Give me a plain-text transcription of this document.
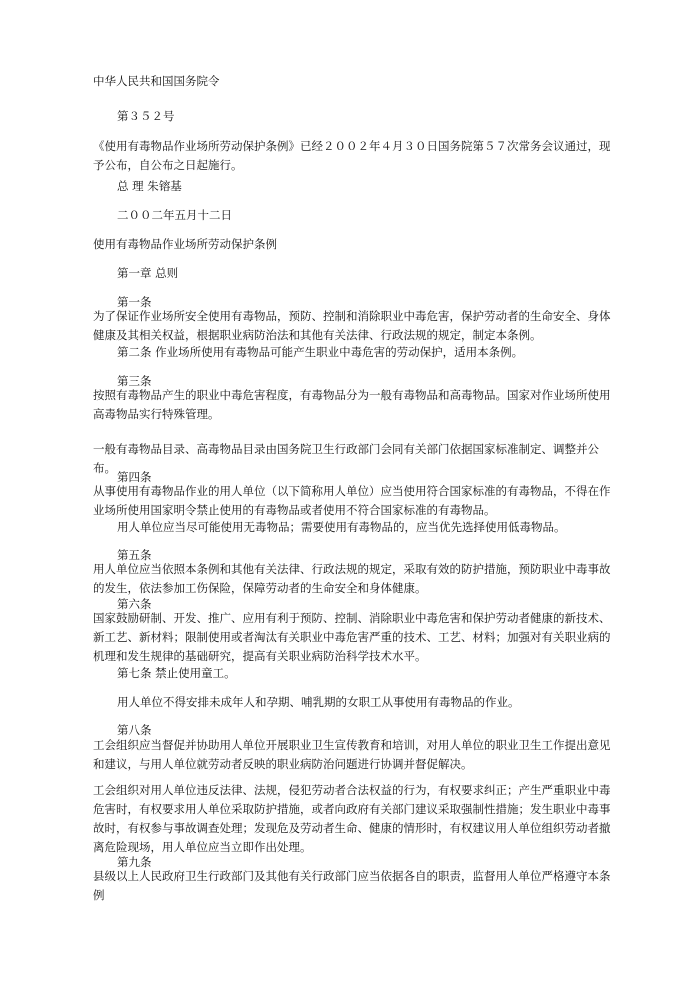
中华人民共和国国务院令

第３５２号

《使用有毒物品作业场所劳动保护条例》已经２００２年４月３０日国务院第５７次常务会议通过，现予公布，自公布之日起施行。

总 理 朱镕基

二００二年五月十二日

使用有毒物品作业场所劳动保护条例

第一章 总则

第一条

为了保证作业场所安全使用有毒物品，预防、控制和消除职业中毒危害，保护劳动者的生命安全、身体健康及其相关权益，根据职业病防治法和其他有关法律、行政法规的规定，制定本条例。

第二条 作业场所使用有毒物品可能产生职业中毒危害的劳动保护，适用本条例。

第三条

按照有毒物品产生的职业中毒危害程度，有毒物品分为一般有毒物品和高毒物品。国家对作业场所使用高毒物品实行特殊管理。

一般有毒物品目录、高毒物品目录由国务院卫生行政部门会同有关部门依据国家标准制定、调整并公布。

第四条

从事使用有毒物品作业的用人单位（以下简称用人单位）应当使用符合国家标准的有毒物品，不得在作业场所使用国家明令禁止使用的有毒物品或者使用不符合国家标准的有毒物品。

用人单位应当尽可能使用无毒物品；需要使用有毒物品的，应当优先选择使用低毒物品。

第五条

用人单位应当依照本条例和其他有关法律、行政法规的规定，采取有效的防护措施，预防职业中毒事故的发生，依法参加工伤保险，保障劳动者的生命安全和身体健康。

第六条

国家鼓励研制、开发、推广、应用有利于预防、控制、消除职业中毒危害和保护劳动者健康的新技术、新工艺、新材料；限制使用或者淘汰有关职业中毒危害严重的技术、工艺、材料；加强对有关职业病的机理和发生规律的基础研究，提高有关职业病防治科学技术水平。

第七条 禁止使用童工。

用人单位不得安排未成年人和孕期、哺乳期的女职工从事使用有毒物品的作业。

第八条

工会组织应当督促并协助用人单位开展职业卫生宣传教育和培训，对用人单位的职业卫生工作提出意见和建议，与用人单位就劳动者反映的职业病防治问题进行协调并督促解决。

工会组织对用人单位违反法律、法规，侵犯劳动者合法权益的行为，有权要求纠正；产生严重职业中毒危害时，有权要求用人单位采取防护措施，或者向政府有关部门建议采取强制性措施；发生职业中毒事故时，有权参与事故调查处理；发现危及劳动者生命、健康的情形时，有权建议用人单位组织劳动者撤离危险现场，用人单位应当立即作出处理。

第九条

县级以上人民政府卫生行政部门及其他有关行政部门应当依据各自的职责，监督用人单位严格遵守本条例
